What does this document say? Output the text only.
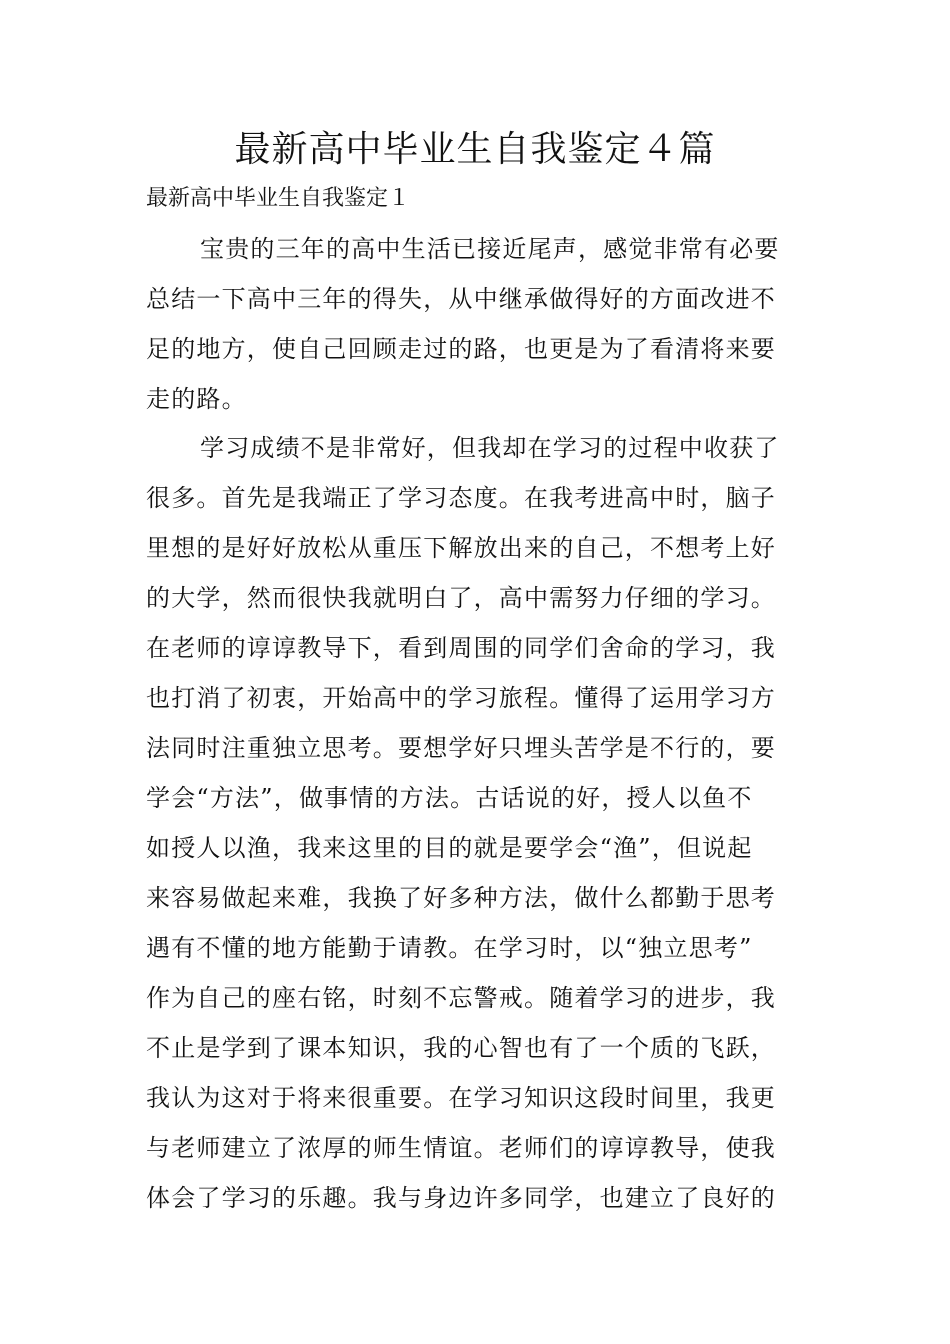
最新高中毕业生自我鉴定４篇
最新高中毕业生自我鉴定１
宝贵的三年的高中生活已接近尾声，感觉非常有必要
总结一下高中三年的得失，从中继承做得好的方面改进不
足的地方，使自己回顾走过的路，也更是为了看清将来要
走的路。
学习成绩不是非常好，但我却在学习的过程中收获了
很多。首先是我端正了学习态度。在我考进高中时，脑子
里想的是好好放松从重压下解放出来的自己，不想考上好
的大学，然而很快我就明白了，高中需努力仔细的学习。
在老师的谆谆教导下，看到周围的同学们舍命的学习，我
也打消了初衷，开始高中的学习旅程。懂得了运用学习方
法同时注重独立思考。要想学好只埋头苦学是不行的，要
学会“方法”，做事情的方法。古话说的好，授人以鱼不
如授人以渔，我来这里的目的就是要学会“渔”，但说起
来容易做起来难，我换了好多种方法，做什么都勤于思考
遇有不懂的地方能勤于请教。在学习时，以“独立思考”
作为自己的座右铭，时刻不忘警戒。随着学习的进步，我
不止是学到了课本知识，我的心智也有了一个质的飞跃，
我认为这对于将来很重要。在学习知识这段时间里，我更
与老师建立了浓厚的师生情谊。老师们的谆谆教导，使我
体会了学习的乐趣。我与身边许多同学，也建立了良好的
